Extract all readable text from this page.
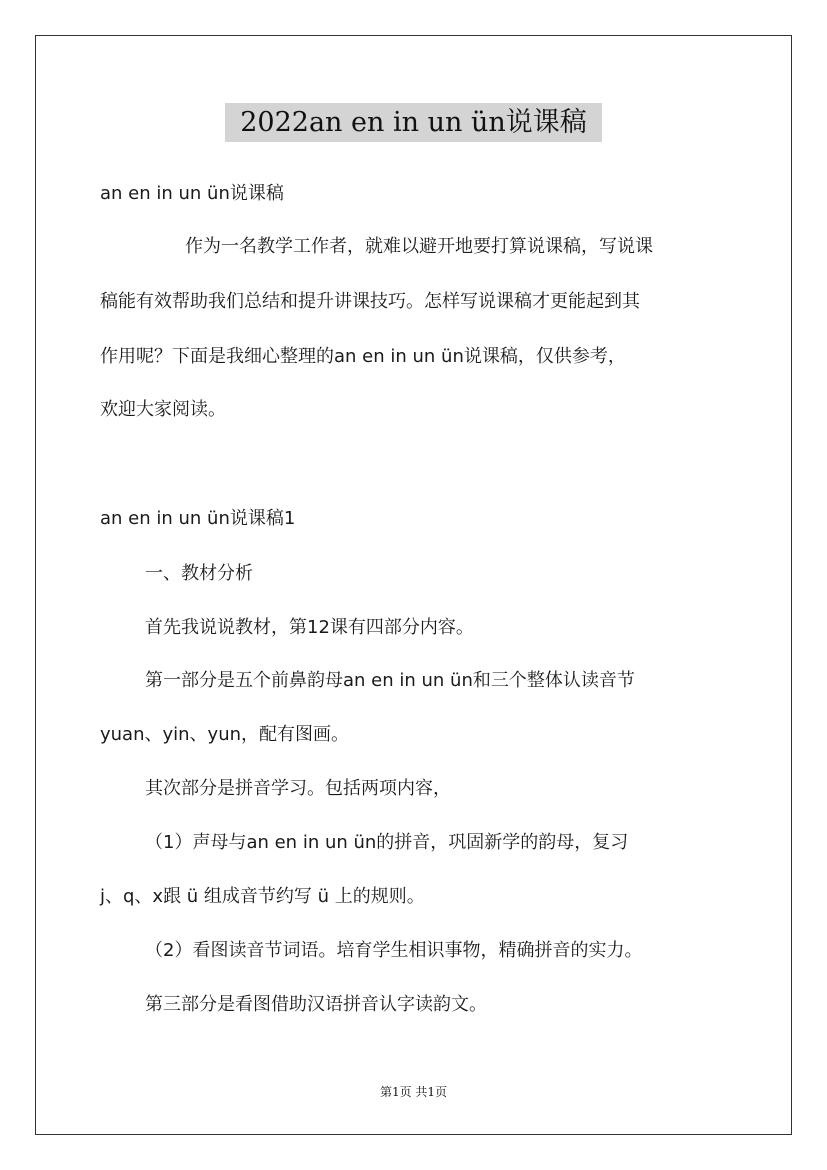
2022an en in un ün说课稿
an en in un ün说课稿
作为一名教学工作者，就难以避开地要打算说课稿，写说课
稿能有效帮助我们总结和提升讲课技巧。怎样写说课稿才更能起到其
作用呢？下面是我细心整理的an en in un ün说课稿，仅供参考，
欢迎大家阅读。
an en in un ün说课稿1
一、教材分析
首先我说说教材，第12课有四部分内容。
第一部分是五个前鼻韵母an en in un ün和三个整体认读音节
yuan、yin、yun，配有图画。
其次部分是拼音学习。包括两项内容，
（1）声母与an en in un ün的拼音，巩固新学的韵母，复习
j、q、x跟 ü 组成音节约写 ü 上的规则。
（2）看图读音节词语。培育学生相识事物，精确拼音的实力。
第三部分是看图借助汉语拼音认字读韵文。
第1页 共1页
